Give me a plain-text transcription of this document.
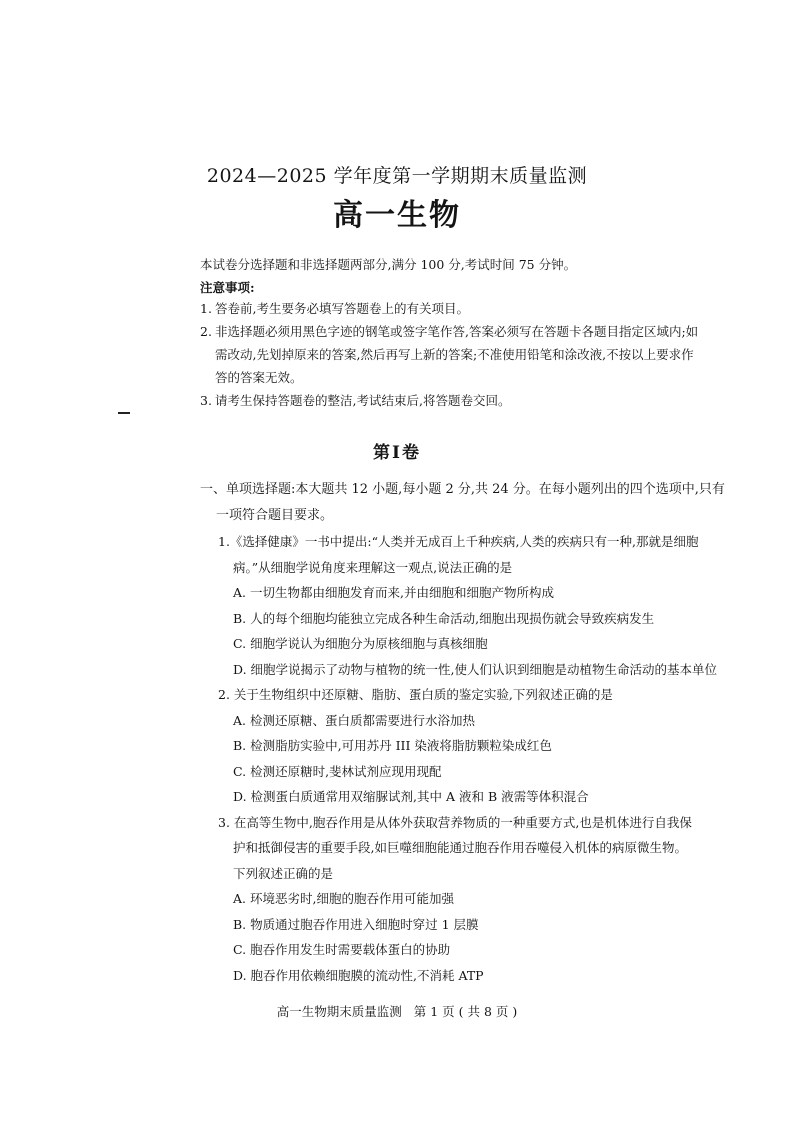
2024—2025 学年度第一学期期末质量监测
高一生物
本试卷分选择题和非选择题两部分,满分 100 分,考试时间 75 分钟。
注意事项:
1. 答卷前,考生要务必填写答题卷上的有关项目。
2. 非选择题必须用黑色字迹的钢笔或签字笔作答,答案必须写在答题卡各题目指定区域内;如
需改动,先划掉原来的答案,然后再写上新的答案;不准使用铅笔和涂改液,不按以上要求作
答的答案无效。
3. 请考生保持答题卷的整洁,考试结束后,将答题卷交回。
第Ⅰ卷
一、单项选择题:本大题共 12 小题,每小题 2 分,共 24 分。在每小题列出的四个选项中,只有
一项符合题目要求。
1.《选择健康》一书中提出:“人类并无成百上千种疾病,人类的疾病只有一种,那就是细胞
病。”从细胞学说角度来理解这一观点,说法正确的是
A. 一切生物都由细胞发育而来,并由细胞和细胞产物所构成
B. 人的每个细胞均能独立完成各种生命活动,细胞出现损伤就会导致疾病发生
C. 细胞学说认为细胞分为原核细胞与真核细胞
D. 细胞学说揭示了动物与植物的统一性,使人们认识到细胞是动植物生命活动的基本单位
2. 关于生物组织中还原糖、脂肪、蛋白质的鉴定实验,下列叙述正确的是
A. 检测还原糖、蛋白质都需要进行水浴加热
B. 检测脂肪实验中,可用苏丹 III 染液将脂肪颗粒染成红色
C. 检测还原糖时,斐林试剂应现用现配
D. 检测蛋白质通常用双缩脲试剂,其中 A 液和 B 液需等体积混合
3. 在高等生物中,胞吞作用是从体外获取营养物质的一种重要方式,也是机体进行自我保
护和抵御侵害的重要手段,如巨噬细胞能通过胞吞作用吞噬侵入机体的病原微生物。
下列叙述正确的是
A. 环境恶劣时,细胞的胞吞作用可能加强
B. 物质通过胞吞作用进入细胞时穿过 1 层膜
C. 胞吞作用发生时需要载体蛋白的协助
D. 胞吞作用依赖细胞膜的流动性,不消耗 ATP
高一生物期末质量监测 第 1 页 ( 共 8 页 )
